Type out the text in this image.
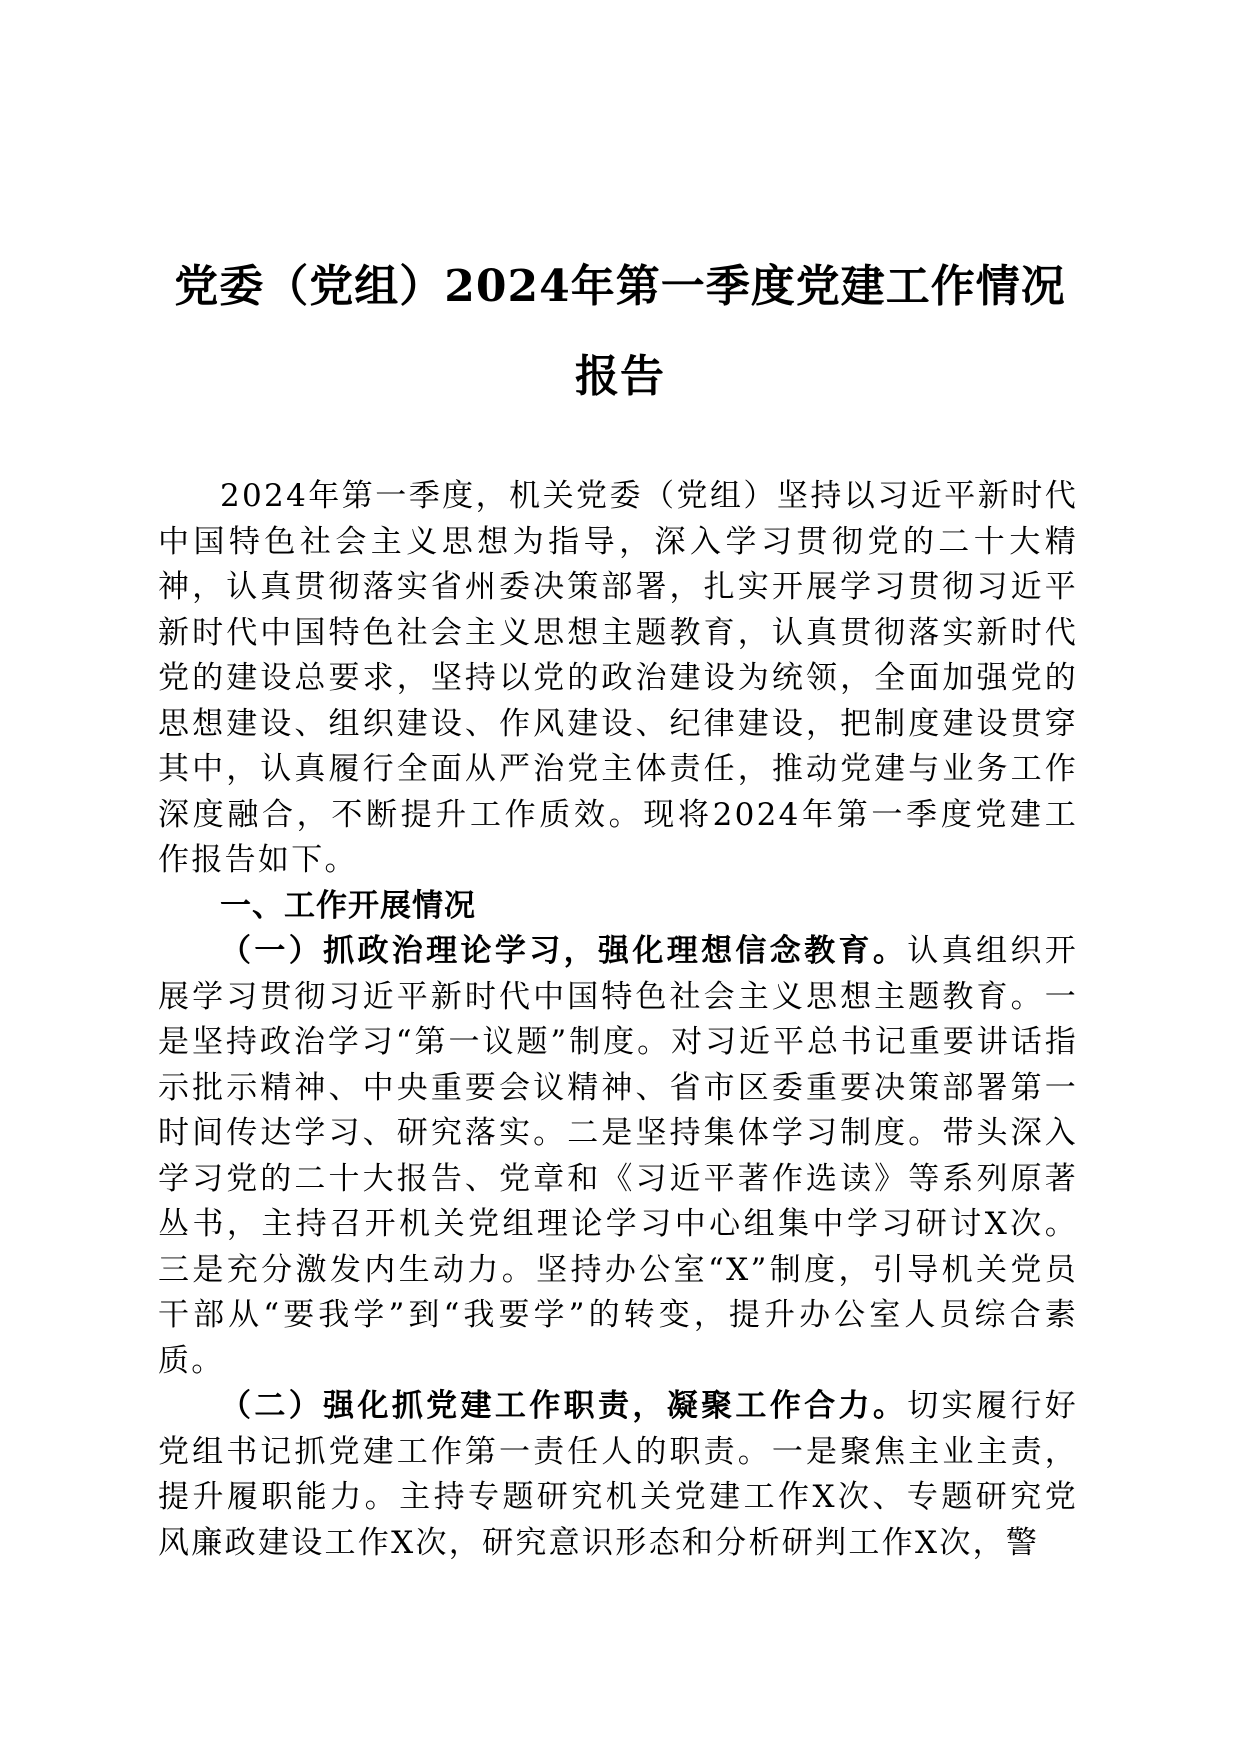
党委（党组）2024年第一季度党建工作情况
报告

2024年第一季度，机关党委（党组）坚持以习近平新时代中国特色社会主义思想为指导，深入学习贯彻党的二十大精神，认真贯彻落实省州委决策部署，扎实开展学习贯彻习近平新时代中国特色社会主义思想主题教育，认真贯彻落实新时代党的建设总要求，坚持以党的政治建设为统领，全面加强党的思想建设、组织建设、作风建设、纪律建设，把制度建设贯穿其中，认真履行全面从严治党主体责任，推动党建与业务工作深度融合，不断提升工作质效。现将2024年第一季度党建工作报告如下。

一、工作开展情况

（一）抓政治理论学习，强化理想信念教育。认真组织开展学习贯彻习近平新时代中国特色社会主义思想主题教育。一是坚持政治学习“第一议题”制度。对习近平总书记重要讲话指示批示精神、中央重要会议精神、省市区委重要决策部署第一时间传达学习、研究落实。二是坚持集体学习制度。带头深入学习党的二十大报告、党章和《习近平著作选读》等系列原著丛书，主持召开机关党组理论学习中心组集中学习研讨X次。三是充分激发内生动力。坚持办公室“X”制度，引导机关党员干部从“要我学”到“我要学”的转变，提升办公室人员综合素质。

（二）强化抓党建工作职责，凝聚工作合力。切实履行好党组书记抓党建工作第一责任人的职责。一是聚焦主业主责，提升履职能力。主持专题研究机关党建工作X次、专题研究党风廉政建设工作X次，研究意识形态和分析研判工作X次，警
